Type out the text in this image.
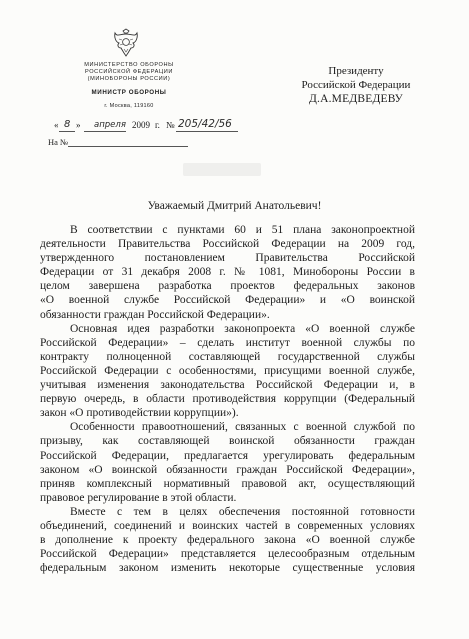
МИНИСТЕРСТВО ОБОРОНЫ
РОССИЙСКОЙ ФЕДЕРАЦИИ
(МИНОБОРОНЫ РОССИИ)
МИНИСТР ОБОРОНЫ
г. Москва, 119160
« 8 » апреля 2009 г. № 205/42/56
На №
Президенту
Российской Федерации
Д.А.МЕДВЕДЕВУ
Уважаемый Дмитрий Анатольевич!
В соответствии с пунктами 60 и 51 плана законопроектной
деятельности Правительства Российской Федерации на 2009 год,
утвержденного постановлением Правительства Российской
Федерации от 31 декабря 2008 г. № 1081, Минобороны России в
целом завершена разработка проектов федеральных законов
«О военной службе Российской Федерации» и «О воинской
обязанности граждан Российской Федерации».
Основная идея разработки законопроекта «О военной службе
Российской Федерации» – сделать институт военной службы по
контракту полноценной составляющей государственной службы
Российской Федерации с особенностями, присущими военной службе,
учитывая изменения законодательства Российской Федерации и, в
первую очередь, в области противодействия коррупции (Федеральный
закон «О противодействии коррупции»).
Особенности правоотношений, связанных с военной службой по
призыву, как составляющей воинской обязанности граждан
Российской Федерации, предлагается урегулировать федеральным
законом «О воинской обязанности граждан Российской Федерации»,
приняв комплексный нормативный правовой акт, осуществляющий
правовое регулирование в этой области.
Вместе с тем в целях обеспечения постоянной готовности
объединений, соединений и воинских частей в современных условиях
в дополнение к проекту федерального закона «О военной службе
Российской Федерации» представляется целесообразным отдельным
федеральным законом изменить некоторые существенные условия
